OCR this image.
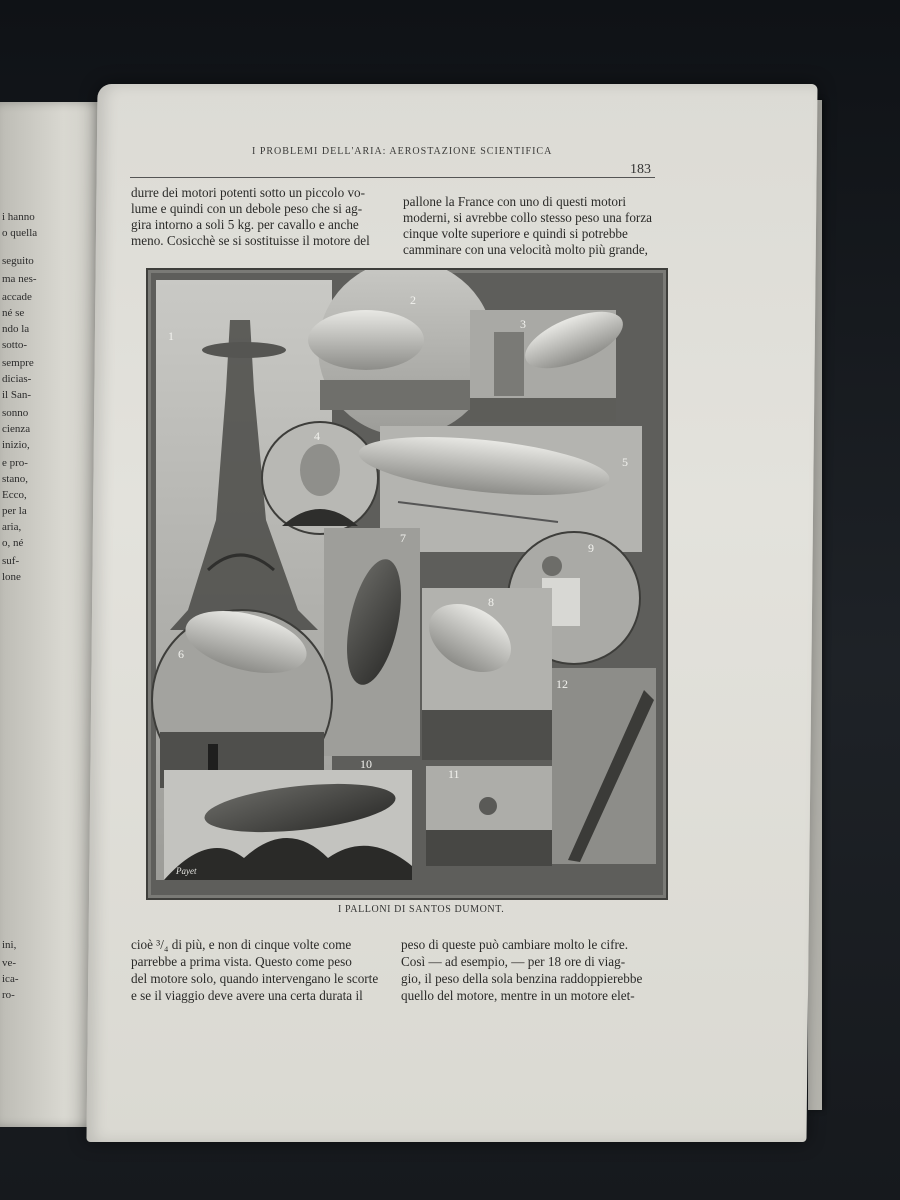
i hanno
o quella
seguito
ma nes-
accade
né se
ndo la
sotto-
sempre
dicias-
il San-
sonno
cienza
inizio,
e pro-
stano,
Ecco,
per la
aria,
o, né
suf-
lone
ini,
ve-
ica-
ro-
I PROBLEMI DELL'ARIA: AEROSTAZIONE SCIENTIFICA
183
durre dei motori potenti sotto un piccolo vo-
lume e quindi con un debole peso che si ag-
gira intorno a soli 5 kg. per cavallo e anche
meno. Cosicchè se si sostituisse il motore del
pallone la France con uno di questi motori
moderni, si avrebbe collo stesso peso una forza
cinque volte superiore e quindi si potrebbe
camminare con una velocità molto più grande,
1
2
3
4
5
6
7
8
9
10
11
12
Payet
I PALLONI DI SANTOS DUMONT.
cioè ³/₄ di più, e non di cinque volte come
parrebbe a prima vista. Questo come peso
del motore solo, quando intervengano le scorte
e se il viaggio deve avere una certa durata il
peso di queste può cambiare molto le cifre.
Così — ad esempio, — per 18 ore di viag-
gio, il peso della sola benzina raddoppierebbe
quello del motore, mentre in un motore elet-
